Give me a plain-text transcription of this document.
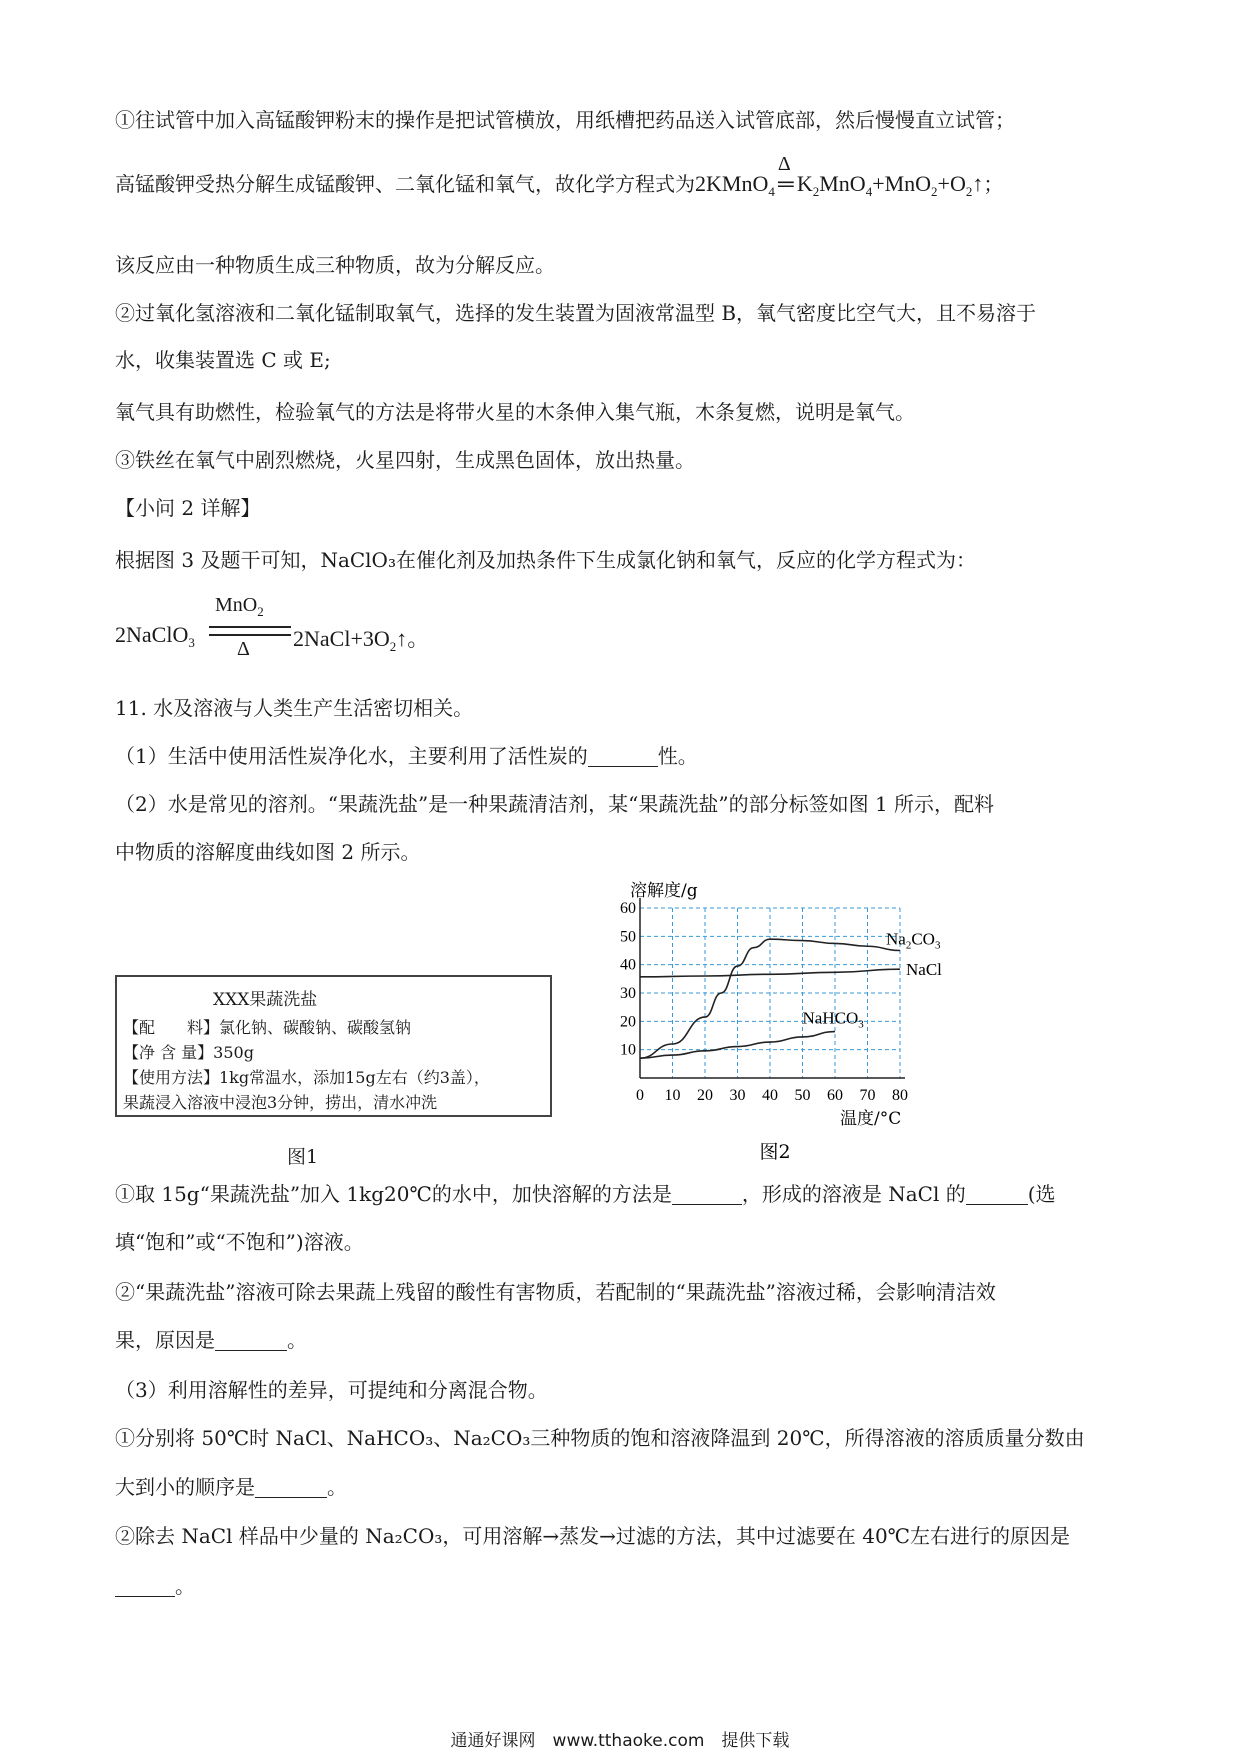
①往试管中加入高锰酸钾粉末的操作是把试管横放，用纸槽把药品送入试管底部，然后慢慢直立试管；
高锰酸钾受热分解生成锰酸钾、二氧化锰和氧气，故化学方程式为2KMnO$_4$
Δ
═ $K_2MnO_4+MnO_2+O_2↑$；
该反应由一种物质生成三种物质，故为分解反应。
②过氧化氢溶液和二氧化锰制取氧气，选择的发生装置为固液常温型 B，氧气密度比空气大，且不易溶于
水，收集装置选 C 或 E;
氧气具有助燃性，检验氧气的方法是将带火星的木条伸入集气瓶，木条复燃，说明是氧气。
③铁丝在氧气中剧烈燃烧，火星四射，生成黑色固体，放出热量。
【小问 2 详解】
根据图 3 及题干可知，NaClO₃在催化剂及加热条件下生成氯化钠和氧气，反应的化学方程式为：
2NaClO$_3$
MnO$_2$
Δ $2NaCl+3O_2↑$。
11. 水及溶液与人类生产生活密切相关。
（1）生活中使用活性炭净化水，主要利用了活性炭的	性。
（2）水是常见的溶剂。“果蔬洗盐”是一种果蔬清洁剂，某“果蔬洗盐”的部分标签如图 1 所示，配料
中物质的溶解度曲线如图 2 所示。
XXX果蔬洗盐
【配　　料】氯化钠、碳酸钠、碳酸氢钠
【净 含 量】350g
【使用方法】1kg常温水，添加15g左右（约3盖），
果蔬浸入溶液中浸泡3分钟，捞出，清水冲洗
图1
0 10 20 30 40 50 60 70 80
10
20
30
40
50
60
溶解度/g
温度/°C
$Na_2CO_3$
NaCl
NaHCO$_3$
图2
①取 15g“果蔬洗盐”加入 1kg20℃的水中，加快溶解的方法是	，形成的溶液是 NaCl 的	(选
填“饱和”或“不饱和”)溶液。
②“果蔬洗盐”溶液可除去果蔬上残留的酸性有害物质，若配制的“果蔬洗盐”溶液过稀，会影响清洁效
果，原因是	。
（3）利用溶解性的差异，可提纯和分离混合物。
①分别将 50℃时 NaCl、NaHCO₃、Na₂CO₃三种物质的饱和溶液降温到 20℃，所得溶液的溶质质量分数由
大到小的顺序是	。
②除去 NaCl 样品中少量的 Na₂CO₃，可用溶解→蒸发→过滤的方法，其中过滤要在 40℃左右进行的原因是
。
通通好课网　www.tthaoke.com　提供下载
